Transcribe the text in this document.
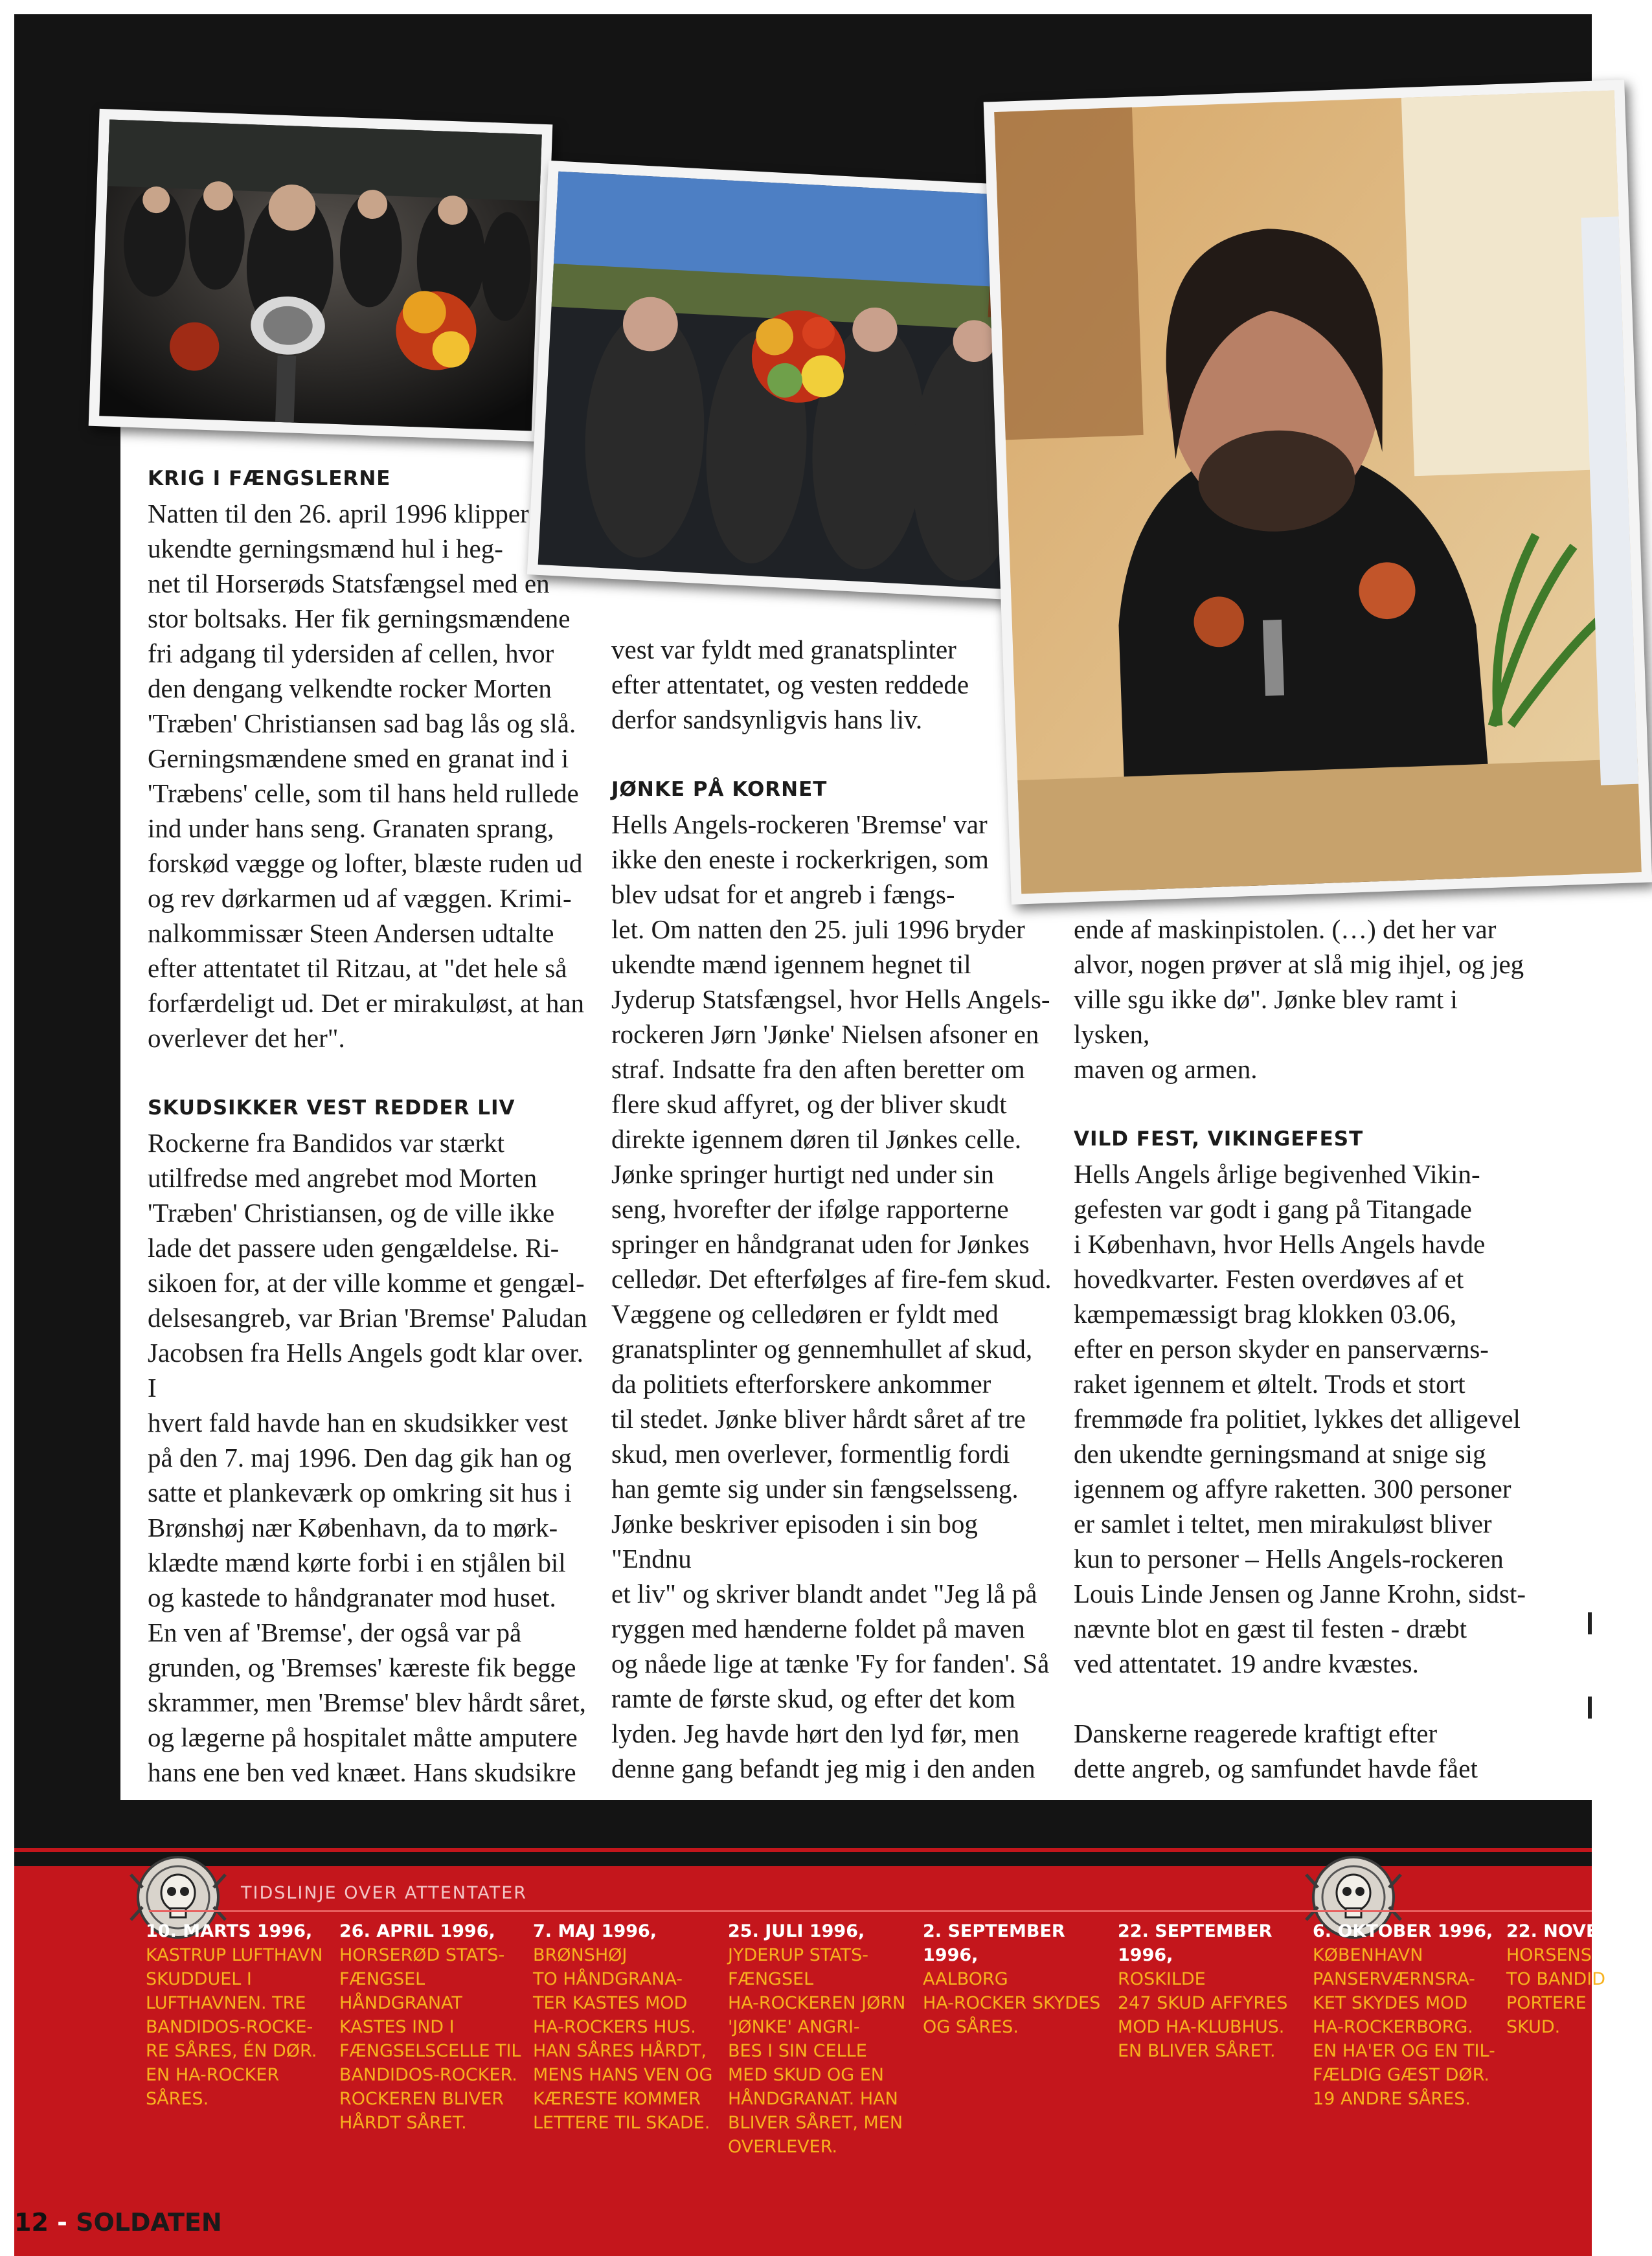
KRIG I FÆNGSLERNE

Natten til den 26. april 1996 klipper

ukendte gerningsmænd hul i heg-

net til Horserøds Statsfængsel med en

stor boltsaks. Her fik gerningsmændene

fri adgang til ydersiden af cellen, hvor

den dengang velkendte rocker Morten

'Træben' Christiansen sad bag lås og slå.

Gerningsmændene smed en granat ind i

'Træbens' celle, som til hans held rullede

ind under hans seng. Granaten sprang,

forskød vægge og lofter, blæste ruden ud

og rev dørkarmen ud af væggen. Krimi-

nalkommissær Steen Andersen udtalte

efter attentatet til Ritzau, at "det hele så

forfærdeligt ud. Det er mirakuløst, at han

overlever det her".

SKUDSIKKER VEST REDDER LIV

Rockerne fra Bandidos var stærkt

utilfredse med angrebet mod Morten

'Træben' Christiansen, og de ville ikke

lade det passere uden gengældelse. Ri-

sikoen for, at der ville komme et gengæl-

delsesangreb, var Brian 'Bremse' Paludan

Jacobsen fra Hells Angels godt klar over. I

hvert fald havde han en skudsikker vest

på den 7. maj 1996. Den dag gik han og

satte et plankeværk op omkring sit hus i

Brønshøj nær København, da to mørk-

klædte mænd kørte forbi i en stjålen bil

og kastede to håndgranater mod huset.

En ven af 'Bremse', der også var på

grunden, og 'Bremses' kæreste fik begge

skrammer, men 'Bremse' blev hårdt såret,

og lægerne på hospitalet måtte amputere

hans ene ben ved knæet. Hans skudsikre

vest var fyldt med granatsplinter

efter attentatet, og vesten reddede

derfor sandsynligvis hans liv.

JØNKE PÅ KORNET

Hells Angels-rockeren 'Bremse' var

ikke den eneste i rockerkrigen, som

blev udsat for et angreb i fængs-

let. Om natten den 25. juli 1996 bryder

ukendte mænd igennem hegnet til

Jyderup Statsfængsel, hvor Hells Angels-

rockeren Jørn 'Jønke' Nielsen afsoner en

straf. Indsatte fra den aften beretter om

flere skud affyret, og der bliver skudt

direkte igennem døren til Jønkes celle.

Jønke springer hurtigt ned under sin

seng, hvorefter der ifølge rapporterne

springer en håndgranat uden for Jønkes

celledør. Det efterfølges af fire-fem skud.

Væggene og celledøren er fyldt med

granatsplinter og gennemhullet af skud,

da politiets efterforskere ankommer

til stedet. Jønke bliver hårdt såret af tre

skud, men overlever, formentlig fordi

han gemte sig under sin fængselsseng.

Jønke beskriver episoden i sin bog "Endnu

et liv" og skriver blandt andet "Jeg lå på

ryggen med hænderne foldet på maven

og nåede lige at tænke 'Fy for fanden'. Så

ramte de første skud, og efter det kom

lyden. Jeg havde hørt den lyd før, men

denne gang befandt jeg mig i den anden

ende af maskinpistolen. (…) det her var

alvor, nogen prøver at slå mig ihjel, og jeg

ville sgu ikke dø". Jønke blev ramt i lysken,

maven og armen.

VILD FEST, VIKINGEFEST

Hells Angels årlige begivenhed Vikin-

gefesten var godt i gang på Titangade

i København, hvor Hells Angels havde

hovedkvarter. Festen overdøves af et

kæmpemæssigt brag klokken 03.06,

efter en person skyder en panserværns-

raket igennem et øltelt. Trods et stort

fremmøde fra politiet, lykkes det alligevel

den ukendte gerningsmand at snige sig

igennem og affyre raketten. 300 personer

er samlet i teltet, men mirakuløst bliver

kun to personer – Hells Angels-rockeren

Louis Linde Jensen og Janne Krohn, sidst-

nævnte blot en gæst til festen - dræbt

ved attentatet. 19 andre kvæstes.

Danskerne reagerede kraftigt efter

dette angreb, og samfundet havde fået

TIDSLINJE OVER ATTENTATER
10. MARTS 1996,
KASTRUP LUFTHAVN
SKUDDUEL I
LUFTHAVNEN. TRE
BANDIDOS-ROCKE-
RE SÅRES, ÉN DØR.
EN HA-ROCKER
SÅRES.
26. APRIL 1996,
HORSERØD STATS-
FÆNGSEL
HÅNDGRANAT
KASTES IND I
FÆNGSELSCELLE TIL
BANDIDOS-ROCKER.
ROCKEREN BLIVER
HÅRDT SÅRET.
7. MAJ 1996,
BRØNSHØJ
TO HÅNDGRANA-
TER KASTES MOD
HA-ROCKERS HUS.
HAN SÅRES HÅRDT,
MENS HANS VEN OG
KÆRESTE KOMMER
LETTERE TIL SKADE.
25. JULI 1996,
JYDERUP STATS-
FÆNGSEL
HA-ROCKEREN JØRN
'JØNKE' ANGRI-
BES I SIN CELLE
MED SKUD OG EN
HÅNDGRANAT. HAN
BLIVER SÅRET, MEN
OVERLEVER.
2. SEPTEMBER 1996,
AALBORG
HA-ROCKER SKYDES
OG SÅRES.
22. SEPTEMBER 1996,
ROSKILDE
247 SKUD AFFYRES
MOD HA-KLUBHUS.
EN BLIVER SÅRET.
6. OKTOBER 1996,
KØBENHAVN
PANSERVÆRNSRA-
KET SKYDES MOD
HA-ROCKERBORG.
EN HA'ER OG EN TIL-
FÆLDIG GÆST DØR.
19 ANDRE SÅRES.
22. NOVEM
HORSENS
TO BANDID
PORTERE
SKUD.
12 - SOLDATEN
